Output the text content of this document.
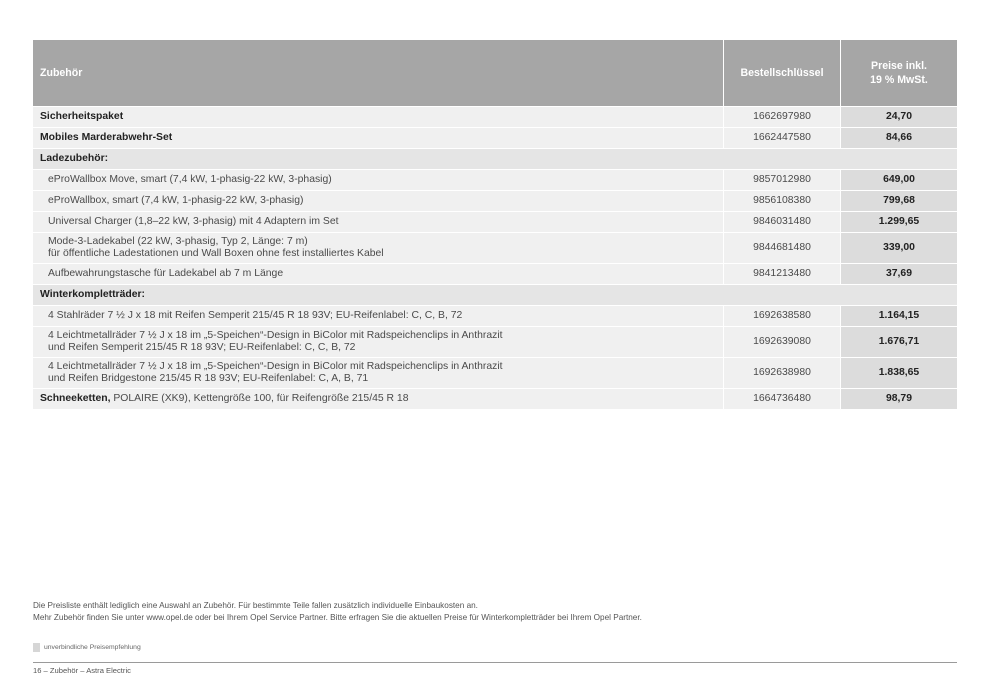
Zubehör	Bestellschlüssel	Preise inkl.
19 % MwSt.
Sicherheitspaket	1662697980	24,70
Mobiles Marderabwehr-Set	1662447580	84,66
Ladezubehör:		
eProWallbox Move, smart (7,4 kW, 1-phasig-22 kW, 3-phasig)	9857012980	649,00
eProWallbox, smart (7,4 kW, 1-phasig-22 kW, 3-phasig)	9856108380	799,68
Universal Charger (1,8–22 kW, 3-phasig) mit 4 Adaptern im Set	9846031480	1.299,65
Mode-3-Ladekabel (22 kW, 3-phasig, Typ 2, Länge: 7 m)
für öffentliche Ladestationen und Wall Boxen ohne fest installiertes Kabel	9844681480	339,00
Aufbewahrungstasche für Ladekabel ab 7 m Länge	9841213480	37,69
Winterkompletträder:		
4 Stahlräder 7 ½ J x 18 mit Reifen Semperit 215/45 R 18 93V; EU-Reifenlabel: C, C, B, 72	1692638580	1.164,15
4 Leichtmetallräder 7 ½ J x 18 im „5-Speichen“-Design in BiColor mit Radspeichenclips in Anthrazit
und Reifen Semperit 215/45 R 18 93V; EU-Reifenlabel: C, C, B, 72	1692639080	1.676,71
4 Leichtmetallräder 7 ½ J x 18 im „5-Speichen“-Design in BiColor mit Radspeichenclips in Anthrazit
und Reifen Bridgestone 215/45 R 18 93V; EU-Reifenlabel: C, A, B, 71	1692638980	1.838,65
Schneeketten, POLAIRE (XK9), Kettengröße 100, für Reifengröße 215/45 R 18	1664736480	98,79
Die Preisliste enthält lediglich eine Auswahl an Zubehör. Für bestimmte Teile fallen zusätzlich individuelle Einbaukosten an.
Mehr Zubehör finden Sie unter www.opel.de oder bei Ihrem Opel Service Partner. Bitte erfragen Sie die aktuellen Preise für Winterkompletträder bei Ihrem Opel Partner.
unverbindliche Preisempfehlung
16 – Zubehör – Astra Electric
